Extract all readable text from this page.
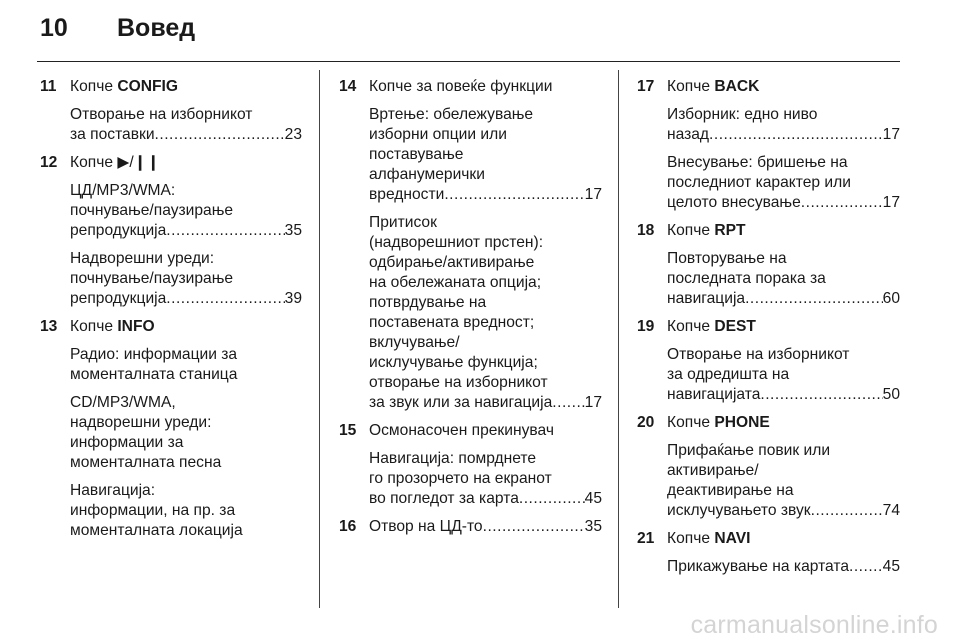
10 Вовед
11 Копче CONFIG
Отворање на изборникот
за поставки .....	23
12 Копче ▶/❙❙
ЦД/MP3/WMA:
почнување/паузирање
репродукција .....	35
Надворешни уреди:
почнување/паузирање
репродукција .....	39
13 Копче INFO
Радио: информации за
моменталната станица
CD/MP3/WMA,
надворешни уреди:
информации за
моменталната песна
Навигација:
информации, на пр. за
моменталната локација
14 Копче за повеќе функции
Вртење: обележување
изборни опции или
поставување
алфанумерички
вредности .....	17
Притисок
(надворешниот прстен):
одбирање/активирање
на обележаната опција;
потврдување на
поставената вредност;
вклучување/
исклучување функција;
отворање на изборникот
за звук или за навигација ..... 17
15 Осмонасочен прекинувач
Навигација: помрднете
го прозорчето на екранот
во погледот за карта .....	45
16 Отвор на ЦД-то .....	35
17 Копче BACK
Изборник: едно ниво
назад .....	17
Внесување: бришење на
последниот карактер или
целото внесување .....	17
18 Копче RPT
Повторување на
последната порака за
навигација .....	60
19 Копче DEST
Отворање на изборникот
за одредишта на
навигацијата .....	50
20 Копче PHONE
Прифаќање повик или
активирање/
деактивирање на
исклучувањето звук .....	74
21 Копче NAVI
Прикажување на картата ..... 45
carmanualsonline.info
